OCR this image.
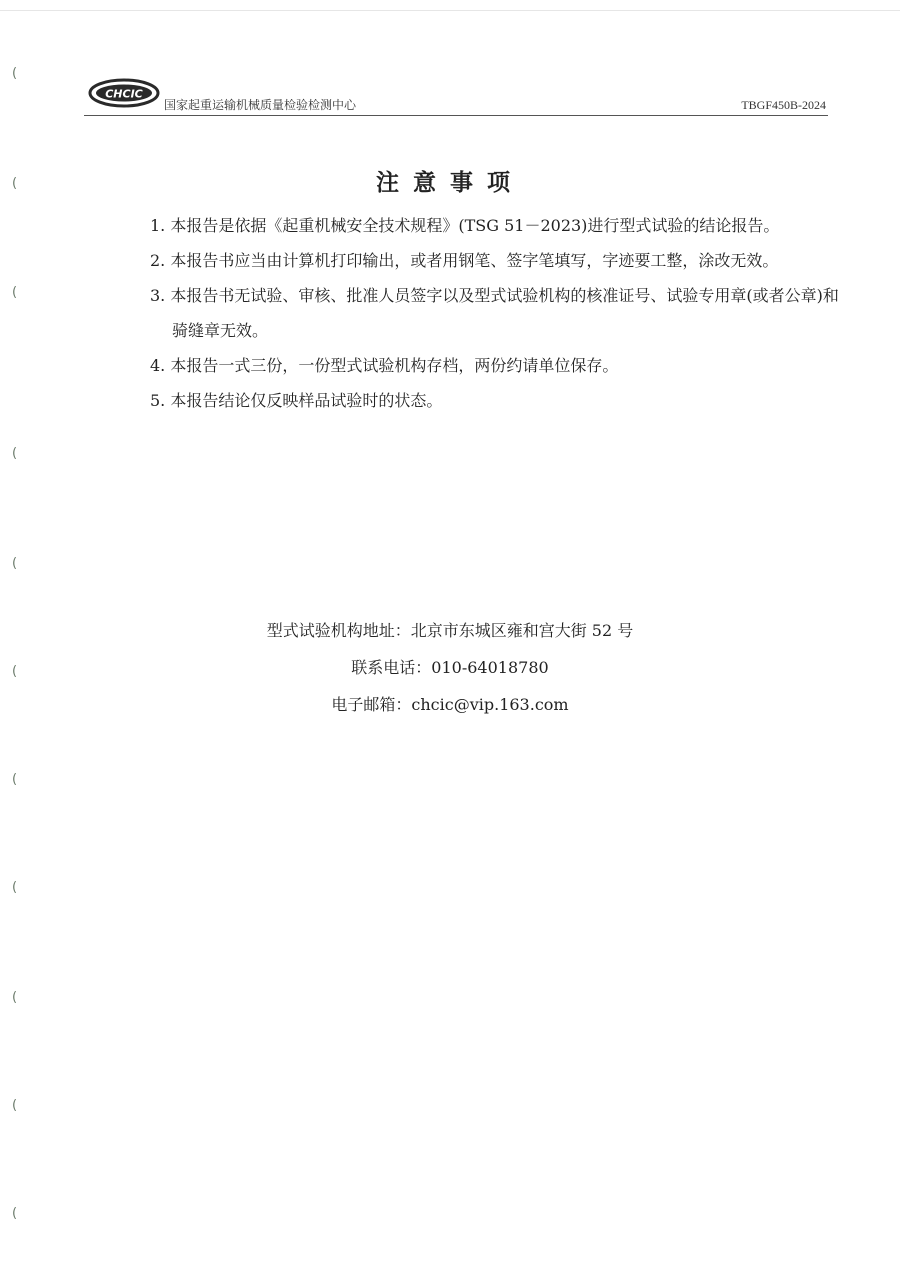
(
(
(
(
(
(
(
(
(
(
(
CHCIC
国家起重运输机械质量检验检测中心	TBGF450B-2024
注意事项
1. 本报告是依据《起重机械安全技术规程》(TSG 51－2023)进行型式试验的结论报告。
2. 本报告书应当由计算机打印输出，或者用钢笔、签字笔填写，字迹要工整，涂改无效。
3. 本报告书无试验、审核、批准人员签字以及型式试验机构的核准证号、试验专用章(或者公章)和骑缝章无效。
4. 本报告一式三份，一份型式试验机构存档，两份约请单位保存。
5. 本报告结论仅反映样品试验时的状态。
型式试验机构地址：北京市东城区雍和宫大街 52 号
联系电话：010-64018780
电子邮箱：chcic@vip.163.com
